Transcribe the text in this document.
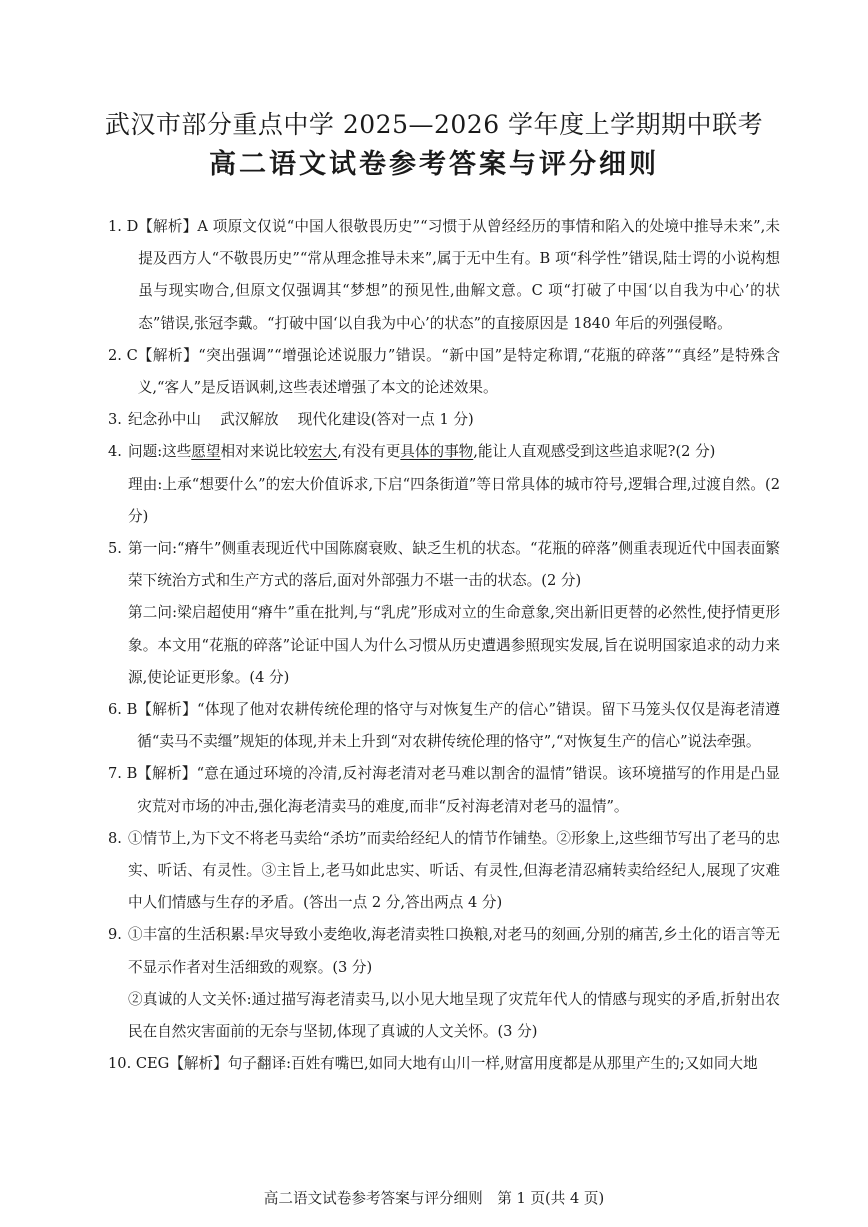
武汉市部分重点中学 2025—2026 学年度上学期期中联考
高二语文试卷参考答案与评分细则
1. D 【解析】A 项原文仅说“中国人很敬畏历史”“习惯于从曾经经历的事情和陷入的处境中推导未来”,未提及西方人“不敬畏历史”“常从理念推导未来”,属于无中生有。B 项“科学性”错误,陆士谔的小说构想虽与现实吻合,但原文仅强调其“梦想”的预见性,曲解文意。C 项“打破了中国‘以自我为中心’的状态”错误,张冠李戴。“打破中国‘以自我为中心’的状态”的直接原因是 1840 年后的列强侵略。

2. C 【解析】“突出强调”“增强论述说服力”错误。“新中国”是特定称谓,“花瓶的碎落”“真经”是特殊含义,“客人”是反语讽刺,这些表述增强了本文的论述效果。

3. 纪念孙中山 　武汉解放 　现代化建设(答对一点 1 分)

4. 问题:这些愿望相对来说比较宏大,有没有更具体的事物,能让人直观感受到这些追求呢?(2 分)

理由:上承“想要什么”的宏大价值诉求,下启“四条街道”等日常具体的城市符号,逻辑合理,过渡自然。(2 分)

5. 第一问:“瘠牛”侧重表现近代中国陈腐衰败、缺乏生机的状态。“花瓶的碎落”侧重表现近代中国表面繁荣下统治方式和生产方式的落后,面对外部强力不堪一击的状态。(2 分)

第二问:梁启超使用“瘠牛”重在批判,与“乳虎”形成对立的生命意象,突出新旧更替的必然性,使抒情更形象。本文用“花瓶的碎落”论证中国人为什么习惯从历史遭遇参照现实发展,旨在说明国家追求的动力来源,使论证更形象。(4 分)

6. B 【解析】“体现了他对农耕传统伦理的恪守与对恢复生产的信心”错误。留下马笼头仅仅是海老清遵循“卖马不卖缰”规矩的体现,并未上升到“对农耕传统伦理的恪守”,“对恢复生产的信心”说法牵强。

7. B 【解析】“意在通过环境的冷清,反衬海老清对老马难以割舍的温情”错误。该环境描写的作用是凸显灾荒对市场的冲击,强化海老清卖马的难度,而非“反衬海老清对老马的温情”。

8. ①情节上,为下文不将老马卖给“杀坊”而卖给经纪人的情节作铺垫。②形象上,这些细节写出了老马的忠实、听话、有灵性。③主旨上,老马如此忠实、听话、有灵性,但海老清忍痛转卖给经纪人,展现了灾难中人们情感与生存的矛盾。(答出一点 2 分,答出两点 4 分)

9. ①丰富的生活积累:旱灾导致小麦绝收,海老清卖牲口换粮,对老马的刻画,分别的痛苦,乡土化的语言等无不显示作者对生活细致的观察。(3 分)

②真诚的人文关怀:通过描写海老清卖马,以小见大地呈现了灾荒年代人的情感与现实的矛盾,折射出农民在自然灾害面前的无奈与坚韧,体现了真诚的人文关怀。(3 分)

10. CEG 【解析】句子翻译:百姓有嘴巴,如同大地有山川一样,财富用度都是从那里产生的;又如同大地

高二语文试卷参考答案与评分细则　第 1 页(共 4 页)
